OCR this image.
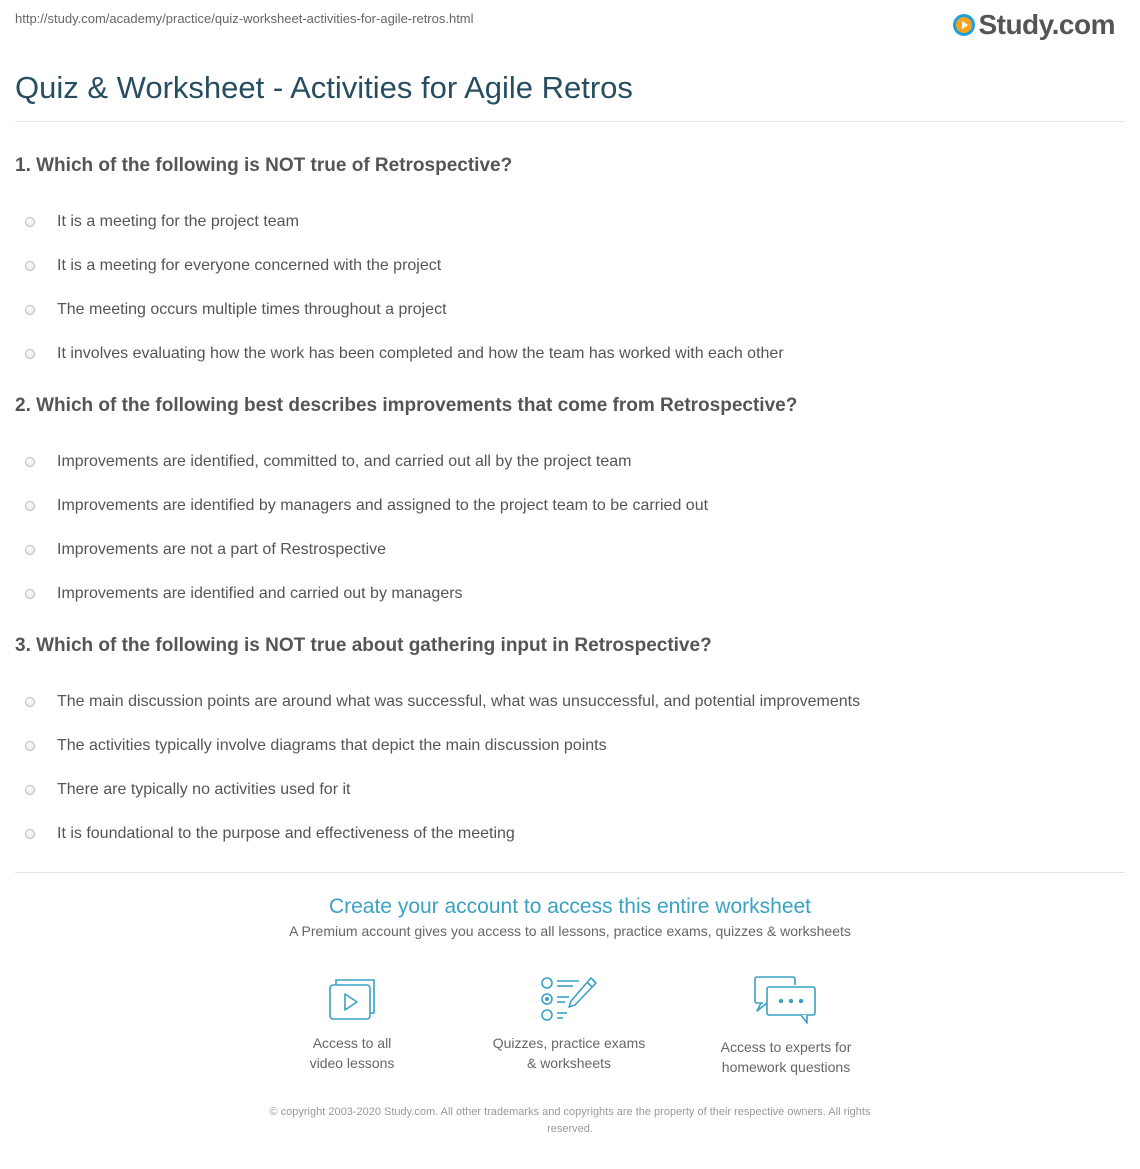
http://study.com/academy/practice/quiz-worksheet-activities-for-agile-retros.html	Study.com
Quiz & Worksheet - Activities for Agile Retros
1. Which of the following is NOT true of Retrospective?
It is a meeting for the project team
It is a meeting for everyone concerned with the project
The meeting occurs multiple times throughout a project
It involves evaluating how the work has been completed and how the team has worked with each other
2. Which of the following best describes improvements that come from Retrospective?
Improvements are identified, committed to, and carried out all by the project team
Improvements are identified by managers and assigned to the project team to be carried out
Improvements are not a part of Restrospective
Improvements are identified and carried out by managers
3. Which of the following is NOT true about gathering input in Retrospective?
The main discussion points are around what was successful, what was unsuccessful, and potential improvements
The activities typically involve diagrams that depict the main discussion points
There are typically no activities used for it
It is foundational to the purpose and effectiveness of the meeting
Create your account to access this entire worksheet
A Premium account gives you access to all lessons, practice exams, quizzes & worksheets
Access to all
video lessons
Quizzes, practice exams
& worksheets
Access to experts for
homework questions
© copyright 2003-2020 Study.com. All other trademarks and copyrights are the property of their respective owners. All rights
reserved.
